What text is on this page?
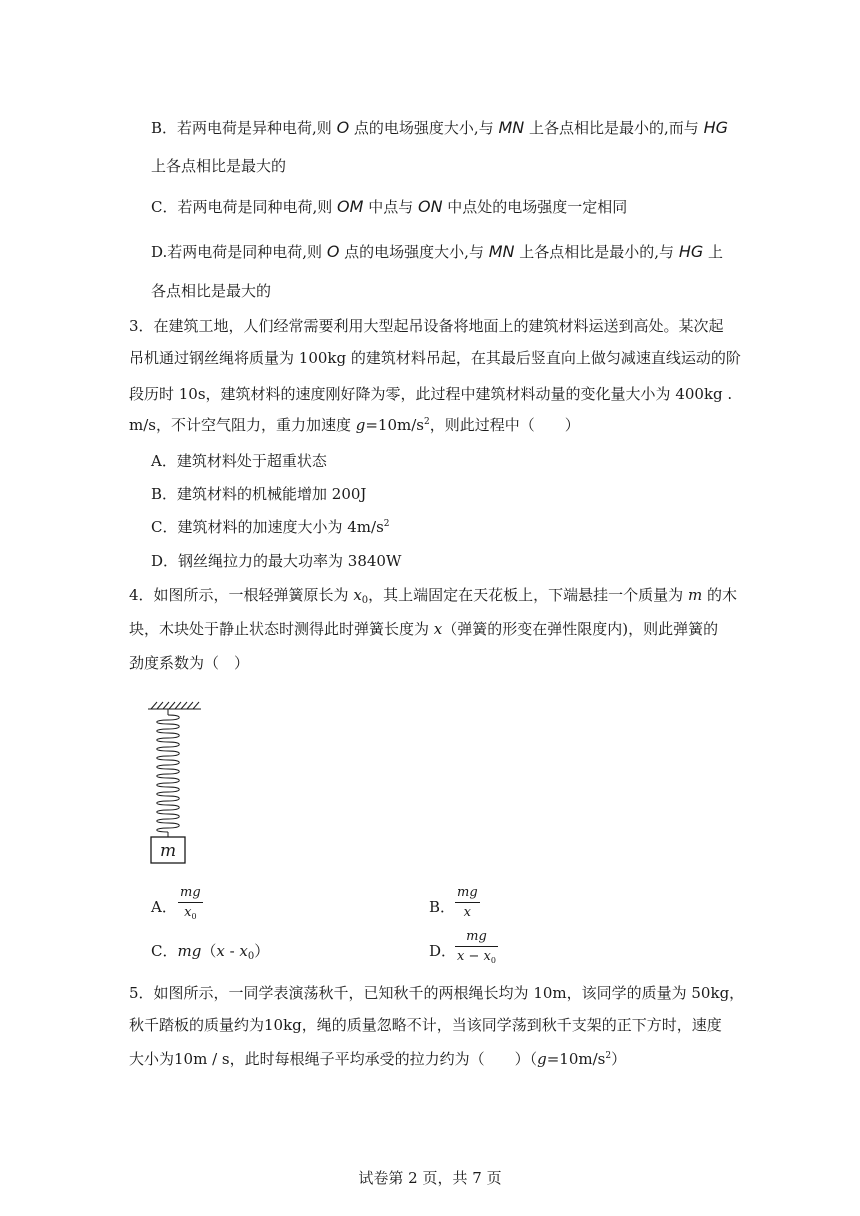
B．若两电荷是异种电荷,则 O 点的电场强度大小,与 MN 上各点相比是最小的,而与 HG
上各点相比是最大的
C．若两电荷是同种电荷,则 OM 中点与 ON 中点处的电场强度一定相同
D.若两电荷是同种电荷,则 O 点的电场强度大小,与 MN 上各点相比是最小的,与 HG 上
各点相比是最大的
3．在建筑工地，人们经常需要利用大型起吊设备将地面上的建筑材料运送到高处。某次起
吊机通过钢丝绳将质量为 100kg 的建筑材料吊起，在其最后竖直向上做匀减速直线运动的阶
段历时 10s，建筑材料的速度刚好降为零，此过程中建筑材料动量的变化量大小为 400kg .
m/s，不计空气阻力，重力加速度 $g=10m/s^2$，则此过程中（　　）
A．建筑材料处于超重状态
B．建筑材料的机械能增加 200J
C．建筑材料的加速度大小为 $4m/s^2$
D．钢丝绳拉力的最大功率为 3840W
4．如图所示，一根轻弹簧原长为 $x_0$，其上端固定在天花板上，下端悬挂一个质量为 m 的木
块，木块处于静止状态时测得此时弹簧长度为 x（弹簧的形变在弹性限度内)，则此弹簧的
劲度系数为（　）
m
A．
mg
$x_0$
B．
mg
x
C．$mg(x - x_0)$	D．
mg
$x - x_0$
5．如图所示，一同学表演荡秋千，已知秋千的两根绳长均为 10m，该同学的质量为 50kg，
秋千踏板的质量约为10kg，绳的质量忽略不计，当该同学荡到秋千支架的正下方时，速度
大小为10m / s，此时每根绳子平均承受的拉力约为（　　）$(g=10m/s^2)$
试卷第 2 页，共 7 页
